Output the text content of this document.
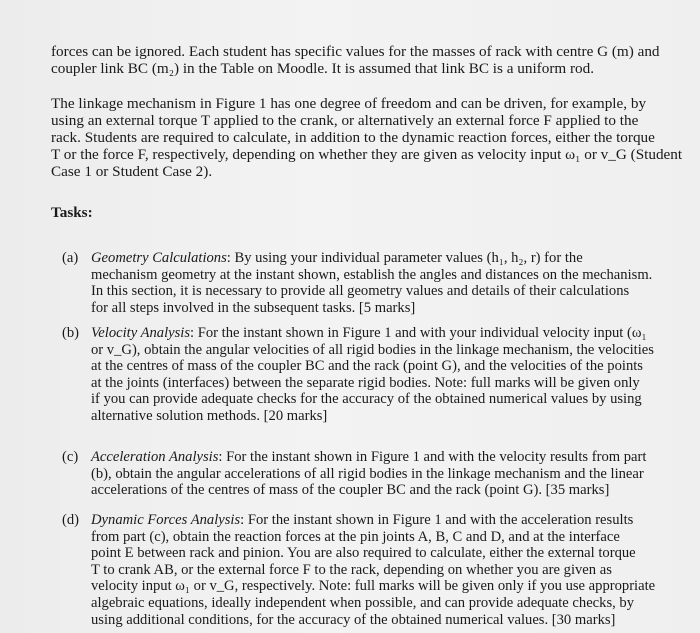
forces can be ignored. Each student has specific values for the masses of rack with centre G (m) and
coupler link BC (m₂) in the Table on Moodle. It is assumed that link BC is a uniform rod.

The linkage mechanism in Figure 1 has one degree of freedom and can be driven, for example, by
using an external torque T applied to the crank, or alternatively an external force F applied to the
rack. Students are required to calculate, in addition to the dynamic reaction forces, either the torque
T or the force F, respectively, depending on whether they are given as velocity input ω₁ or v_G (Student
Case 1 or Student Case 2).

Tasks:

(a) Geometry Calculations: By using your individual parameter values (h₁, h₂, r) for the
mechanism geometry at the instant shown, establish the angles and distances on the mechanism.
In this section, it is necessary to provide all geometry values and details of their calculations
for all steps involved in the subsequent tasks. [5 marks]
(b) Velocity Analysis: For the instant shown in Figure 1 and with your individual velocity input (ω₁
or v_G), obtain the angular velocities of all rigid bodies in the linkage mechanism, the velocities
at the centres of mass of the coupler BC and the rack (point G), and the velocities of the points
at the joints (interfaces) between the separate rigid bodies. Note: full marks will be given only
if you can provide adequate checks for the accuracy of the obtained numerical values by using
alternative solution methods. [20 marks]
(c) Acceleration Analysis: For the instant shown in Figure 1 and with the velocity results from part
(b), obtain the angular accelerations of all rigid bodies in the linkage mechanism and the linear
accelerations of the centres of mass of the coupler BC and the rack (point G). [35 marks]
(d) Dynamic Forces Analysis: For the instant shown in Figure 1 and with the acceleration results
from part (c), obtain the reaction forces at the pin joints A, B, C and D, and at the interface
point E between rack and pinion. You are also required to calculate, either the external torque
T to crank AB, or the external force F to the rack, depending on whether you are given as
velocity input ω₁ or v_G, respectively. Note: full marks will be given only if you use appropriate
algebraic equations, ideally independent when possible, and can provide adequate checks, by
using additional conditions, for the accuracy of the obtained numerical values. [30 marks]
